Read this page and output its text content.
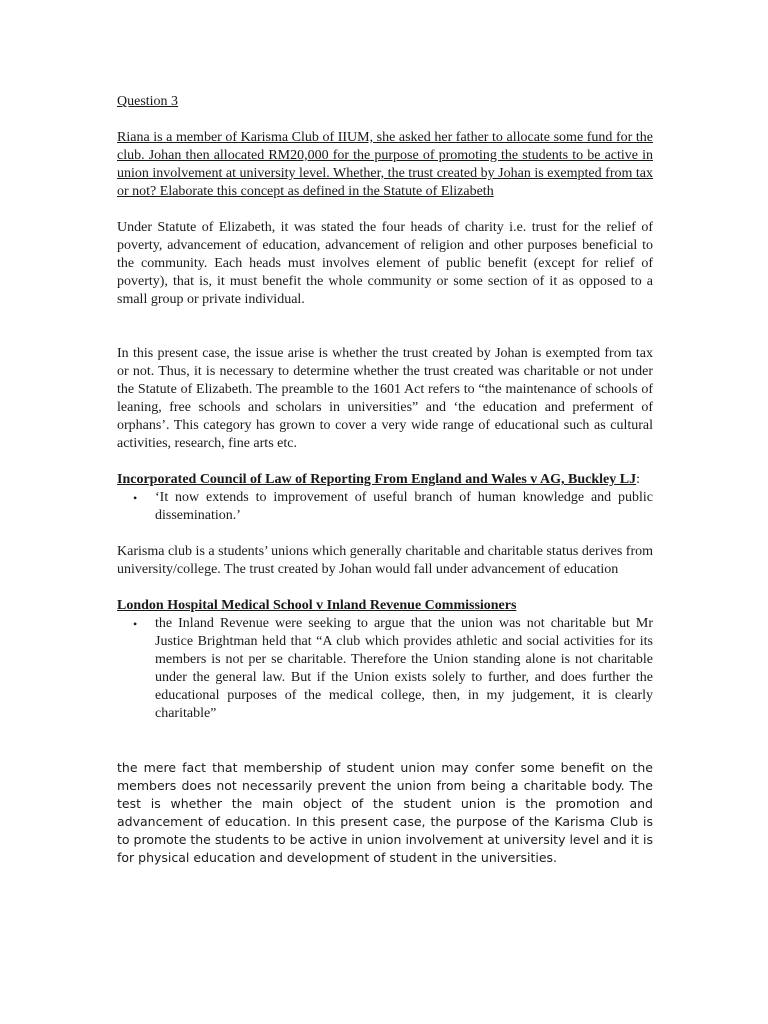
Question 3

Riana is a member of Karisma Club of IIUM, she asked her father to allocate some fund for the club. Johan then allocated RM20,000 for the purpose of promoting the students to be active in union involvement at university level. Whether, the trust created by Johan is exempted from tax or not? Elaborate this concept as defined in the Statute of Elizabeth

Under Statute of Elizabeth, it was stated the four heads of charity i.e. trust for the relief of poverty, advancement of education, advancement of religion and other purposes beneficial to the community. Each heads must involves element of public benefit (except for relief of poverty), that is, it must benefit the whole community or some section of it as opposed to a small group or private individual.

In this present case, the issue arise is whether the trust created by Johan is exempted from tax or not. Thus, it is necessary to determine whether the trust created was charitable or not under the Statute of Elizabeth. The preamble to the 1601 Act refers to “the maintenance of schools of leaning, free schools and scholars in universities” and ‘the education and preferment of orphans’. This category has grown to cover a very wide range of educational such as cultural activities, research, fine arts etc.

Incorporated Council of Law of Reporting From England and Wales v AG, Buckley LJ:

• ‘It now extends to improvement of useful branch of human knowledge and public dissemination.’

Karisma club is a students’ unions which generally charitable and charitable status derives from university/college. The trust created by Johan would fall under advancement of education

London Hospital Medical School v Inland Revenue Commissioners

• the Inland Revenue were seeking to argue that the union was not charitable but Mr Justice Brightman held that “A club which provides athletic and social activities for its members is not per se charitable. Therefore the Union standing alone is not charitable under the general law. But if the Union exists solely to further, and does further the educational purposes of the medical college, then, in my judgement, it is clearly charitable”

the mere fact that membership of student union may confer some benefit on the members does not necessarily prevent the union from being a charitable body. The test is whether the main object of the student union is the promotion and advancement of education. In this present case, the purpose of the Karisma Club is to promote the students to be active in union involvement at university level and it is for physical education and development of student in the universities.
